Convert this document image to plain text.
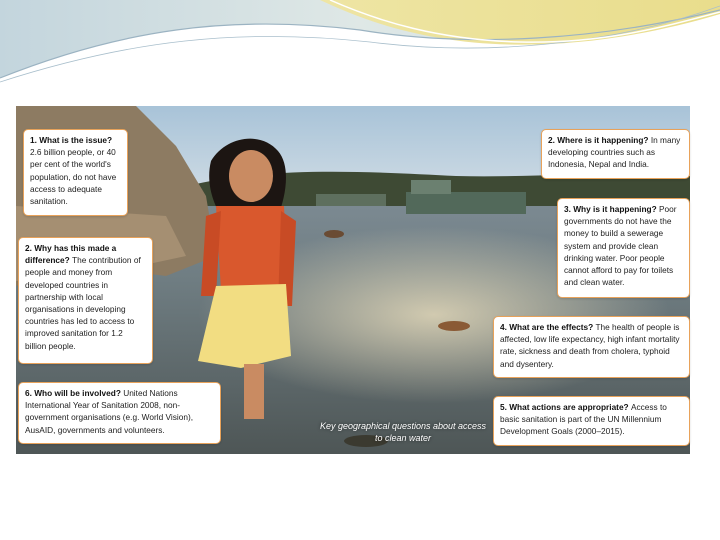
1. What is the issue? 2.6 billion people, or 40 per cent of the world's population, do not have access to adequate sanitation.
2. Why has this made a difference? The contribution of people and money from developed countries in partnership with local organisations in developing countries has led to access to improved sanitation for 1.2 billion people.
6. Who will be involved? United Nations International Year of Sanitation 2008, non-government organisations (e.g. World Vision), AusAID, governments and volunteers.
2. Where is it happening? In many developing countries such as Indonesia, Nepal and India.
3. Why is it happening? Poor governments do not have the money to build a sewerage system and provide clean drinking water. Poor people cannot afford to pay for toilets and clean water.
4. What are the effects? The health of people is affected, low life expectancy, high infant mortality rate, sickness and death from cholera, typhoid and dysentery.
5. What actions are appropriate? Access to basic sanitation is part of the UN Millennium Development Goals (2000–2015).
Key geographical questions about access to clean water
